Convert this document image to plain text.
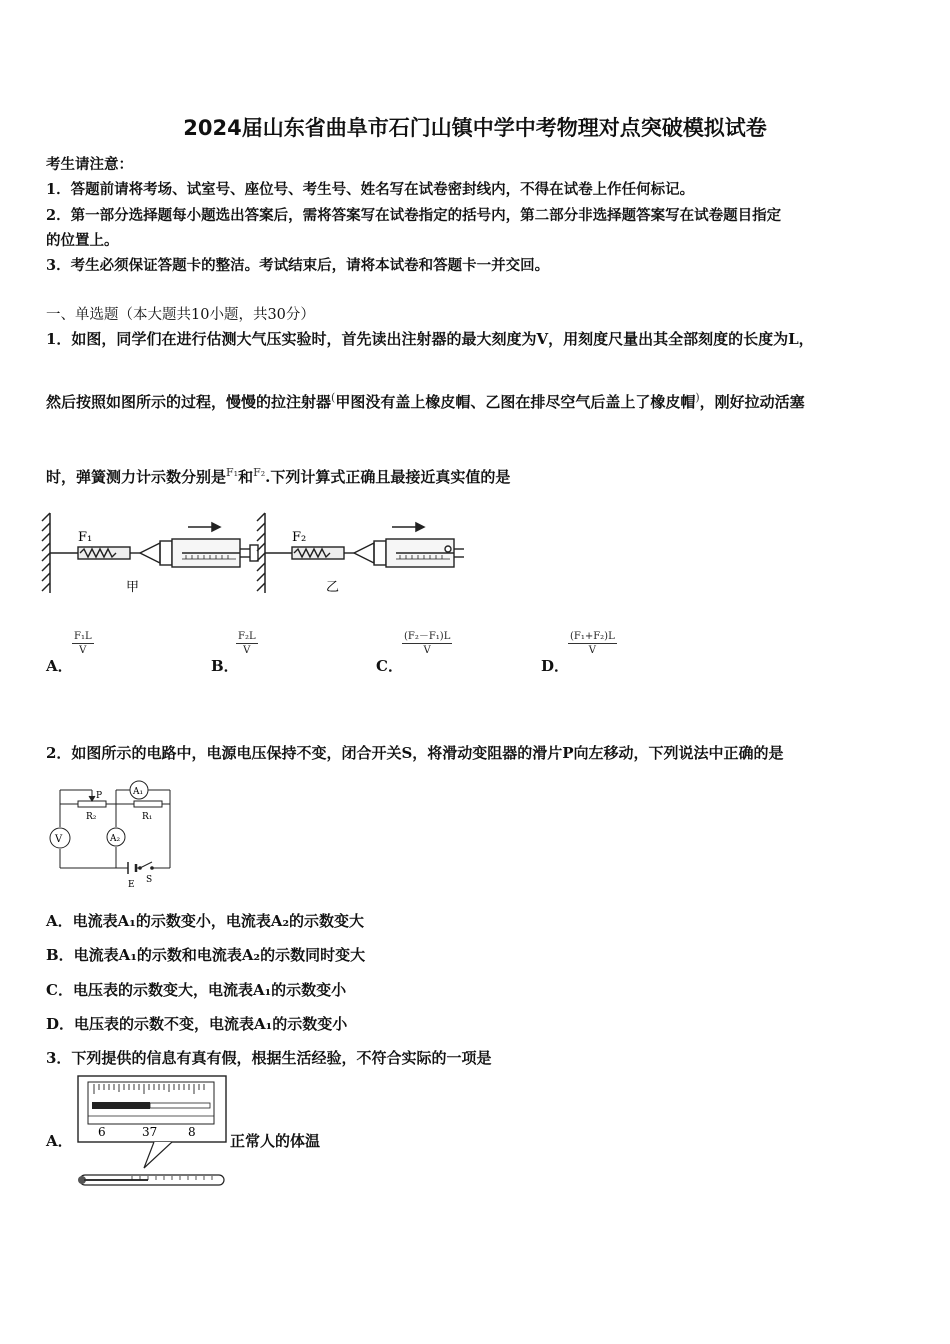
2024届山东省曲阜市石门山镇中学中考物理对点突破模拟试卷
考生请注意：
1．答题前请将考场、试室号、座位号、考生号、姓名写在试卷密封线内，不得在试卷上作任何标记。
2．第一部分选择题每小题选出答案后，需将答案写在试卷指定的括号内，第二部分非选择题答案写在试卷题目指定
的位置上。
3．考生必须保证答题卡的整洁。考试结束后，请将本试卷和答题卡一并交回。
一、单选题（本大题共10小题，共30分）
1．如图，同学们在进行估测大气压实验时，首先读出注射器的最大刻度为V，用刻度尺量出其全部刻度的长度为L，
然后按照如图所示的过程，慢慢的拉注射器(甲图没有盖上橡皮帽、乙图在排尽空气后盖上了橡皮帽)，刚好拉动活塞
时，弹簧测力计示数分别是$^{F_1}$和$^{F_2}$.下列计算式正确且最接近真实值的是
F₁
甲
F₂
乙
A．
$\frac{\text{F₁L}}{V}$
B．
$\frac{\text{F₂L}}{V}$
C．
$\frac{\text{(F₂－F₁)L}}{V}$
D．
$\frac{\text{(F₁+F₂)L}}{V}$
2．如图所示的电路中，电源电压保持不变，闭合开关S，将滑动变阻器的滑片P向左移动，下列说法中正确的是
V
A₁
A₂
P
R₂	R₁
E S
A．电流表A₁的示数变小，电流表A₂的示数变大
B．电流表A₁的示数和电流表A₂的示数同时变大
C．电压表的示数变大，电流表A₁的示数变小
D．电压表的示数不变，电流表A₁的示数变小
3．下列提供的信息有真有假，根据生活经验，不符合实际的一项是
A． 6	37	8 正常人的体温
